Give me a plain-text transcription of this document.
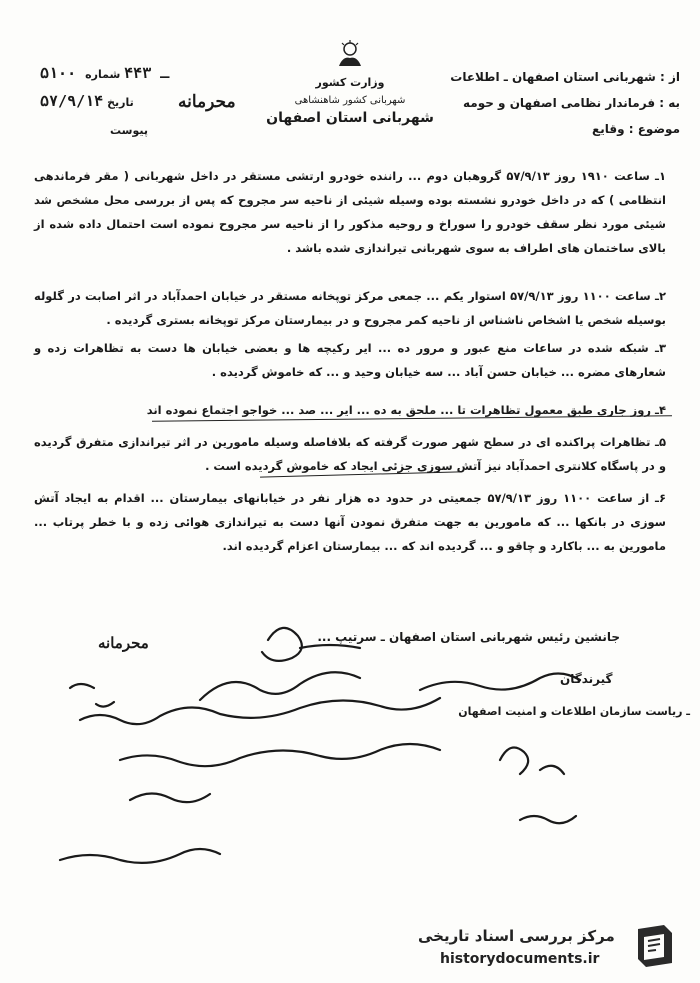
از : شهربانی استان اصفهان ـ اطلاعات
به : فرماندار نظامی اصفهان و حومه
موضوع : وقایع
وزارت کشور
شهربانی کشور شاهنشاهی
شهربانی استان اصفهان
محرمانه
۵۱۰۰ ـ ۴۴۳ شماره
۵۷/۹/۱۴ تاریخ
پیوست
۱ـ ساعت ۱۹۱۰ روز ۵۷/۹/۱۳ گروهبان دوم ... راننده خودرو ارتشی مستقر در داخل شهربانی ( مقر فرماندهی انتظامی ) که در داخل خودرو نشسته بوده وسیله شیئی از ناحیه سر مجروح که پس از بررسی محل مشخص شد شیئی مورد نظر سقف خودرو را سوراخ و روحیه مذکور را از ناحیه سر مجروح نموده است احتمال داده شده از بالای ساختمان های اطراف به سوی شهربانی تیراندازی شده باشد .
۲ـ ساعت ۱۱۰۰ روز ۵۷/۹/۱۳ استوار یکم ... جمعی مرکز توپخانه مستقر در خیابان احمدآباد در اثر اصابت در گلوله بوسیله شخص یا اشخاص ناشناس از ناحیه کمر مجروح و در بیمارستان مرکز توپخانه بستری گردیده .
۳ـ شبکه شده در ساعات منع عبور و مرور ده ... ایر رکیچه ها و بعضی خیابان ها دست به تظاهرات زده و شعارهای مضره ... خیابان حسن آباد ... سه خیابان وحید و ... که خاموش گردیده .
۴ـ روز جاری طبق معمول تظاهرات تا ... ملحق به ده ... ایر ... صد ... خواجو اجتماع نموده اند
۵ـ تظاهرات پراکنده ای در سطح شهر صورت گرفته که بلافاصله وسیله مامورین در اثر تیراندازی متفرق گردیده و در پاسگاه کلانتری احمدآباد نیز آتش سوزی جزئی ایجاد که خاموش گردیده است .
۶ـ از ساعت ۱۱۰۰ روز ۵۷/۹/۱۳ جمعیتی در حدود ده هزار نفر در خیابانهای بیمارستان ... اقدام به ایجاد آتش سوزی در بانکها ... که مامورین به جهت متفرق نمودن آنها دست به تیراندازی هوائی زده و با خطر پرتاب ... مامورین به ... باکارد و چاقو و ... گردیده اند که ... بیمارستان اعزام گردیده اند.
جانشین رئیس شهربانی استان اصفهان ـ سرتیپ ...
محرمانه
گیرندگان
ـ ریاست سازمان اطلاعات و امنیت اصفهان
مرکز بررسی اسناد تاریخی
historydocuments.ir
